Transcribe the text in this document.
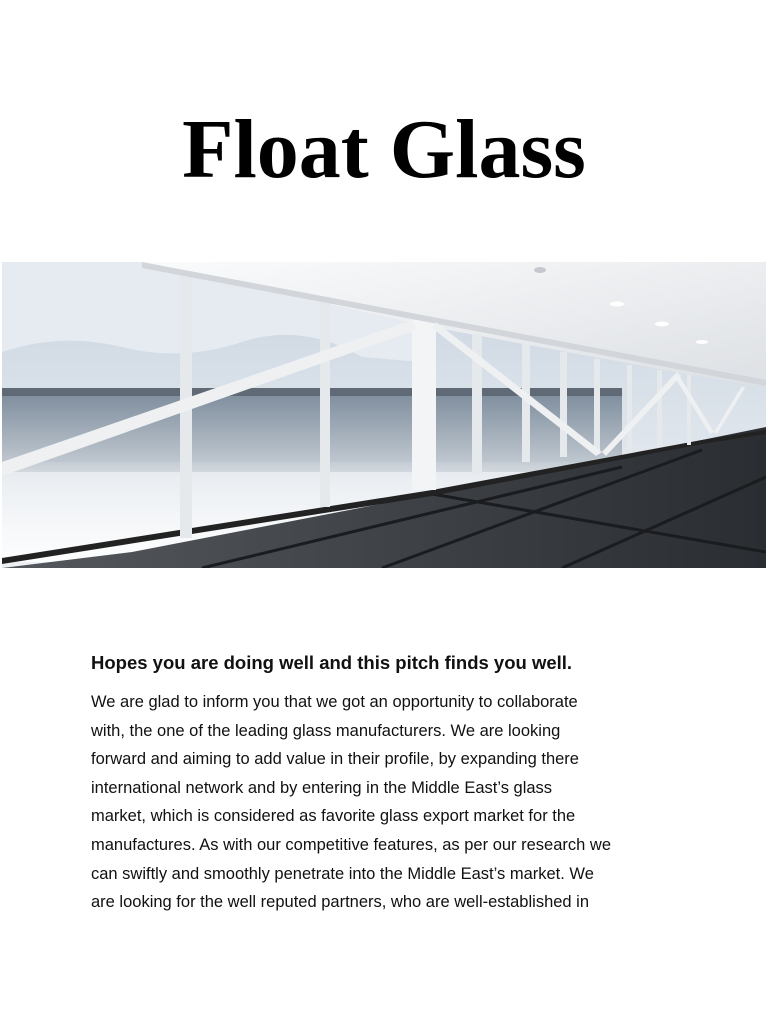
Float Glass
Hopes you are doing well and this pitch finds you well.
We are glad to inform you that we got an opportunity to collaborate
with, the one of the leading glass manufacturers. We are looking
forward and aiming to add value in their profile, by expanding there
international network and by entering in the Middle East’s glass
market, which is considered as favorite glass export market for the
manufactures. As with our competitive features, as per our research we
can swiftly and smoothly penetrate into the Middle East’s market. We
are looking for the well reputed partners, who are well-established in
